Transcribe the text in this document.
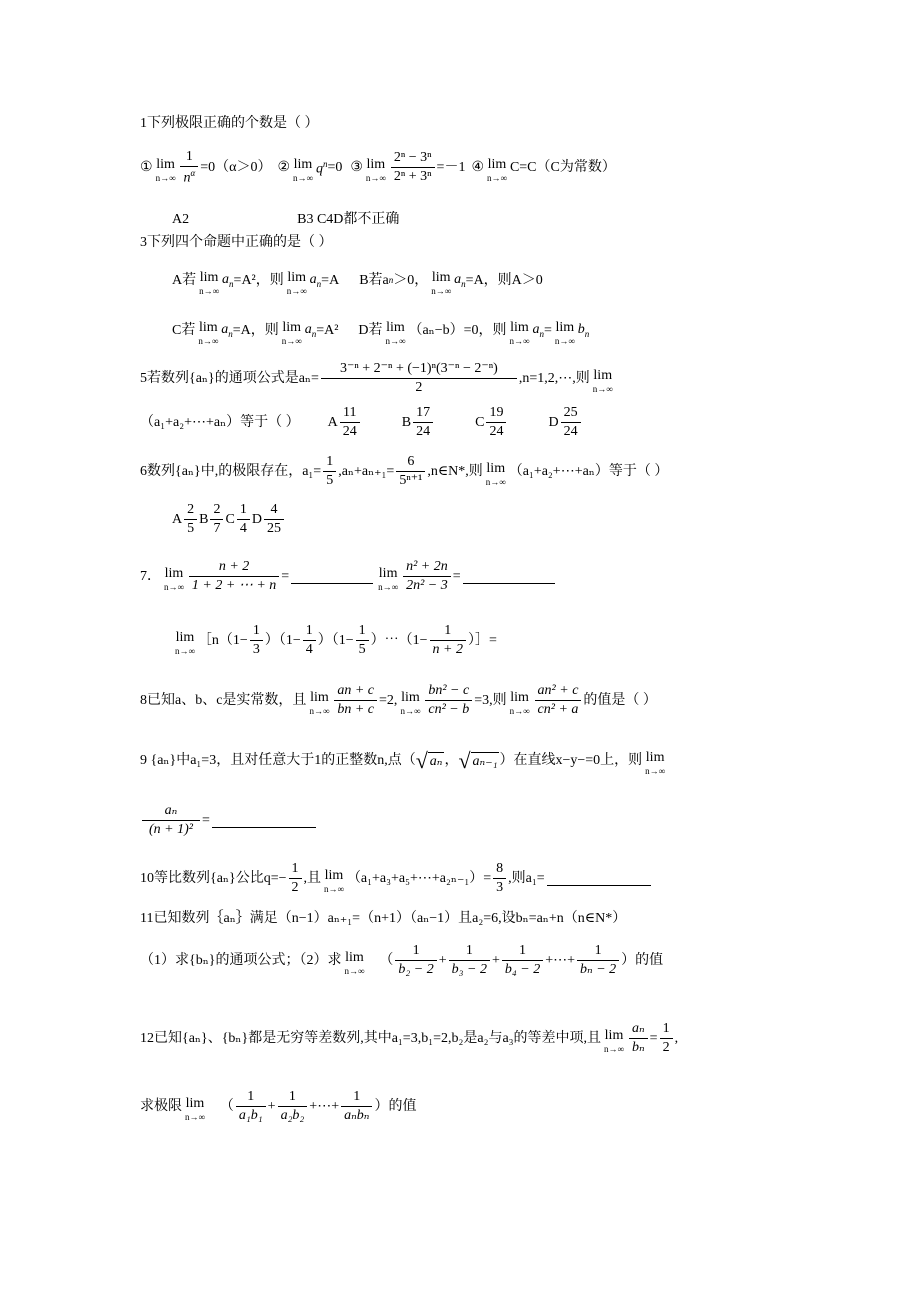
1下列极限正确的个数是（ ）
① lim
$n\to\infty \frac{1}{n^\alpha} =0(\alpha>0)$ ② lim
n→∞
$q^n =0$ ③ lim
$n\to\infty \frac{\text{2ⁿ − 3ⁿ}}{\text{2ⁿ + 3ⁿ}} =-1$ ④ lim
n→∞
C=C（C为常数）
A2	B3 C4D都不正确
3下列四个命题中正确的是（ ）
A若 lim
n→∞
$a_n =A^2$，则 lim
n→∞
$a_n =A$ B若a n ＞0， lim
n→∞
$a_n =A$，则A＞0
C若 lim
n→∞
$a_n =A$，则 lim
n→∞
$a_n =A^2$ D若 lim
n→∞
（aₙ−b）=0，则 lim
n→∞
$a_n = \lim$
n→∞
$b_n$
5若数列{aₙ}的通项公式是$a_n= \frac{\text{3⁻ⁿ + 2⁻ⁿ + (−1)ⁿ(3⁻ⁿ − 2⁻ⁿ)}}{2}$ ,n=1,2,⋯,则 lim
n→∞
（a₁+a₂+⋯+aₙ）等于（ ） A $\frac{11}{24}$	B $\frac{17}{24}$	C $\frac{19}{24}$	D $\frac{25}{24}$
6数列{aₙ}中,的极限存在，$a_1= \frac{1}{5} ,a_n+a_{n+1}= \frac{6}{\text{5ⁿ⁺¹}}$ ,n∈N*,则 lim
n→∞
（a₁+a₂+⋯+aₙ）等于（ ）
A $\frac{2}{5}$ B $\frac{2}{7}$ C $\frac{1}{4}$ D $\frac{4}{25}$
7． lim
$n\to\infty \frac{n + 2}{1 + 2 + \cdots + n}$ =	lim
$n\to\infty \frac{\text{n² + 2n}}{\text{2n² − 3}}$ =
lim
n→∞
［n（1− $\frac{1}{3} )(1- \frac{1}{4} )(1- \frac{1}{5}$ ）⋯（1− $\frac{1}{n + 2}$ ）］=
8已知a、b、c是实常数，且 lim
$n\to\infty \frac{an + c}{bn + c} =2$, lim
$n\to\infty \frac{\text{bn² − c}}{\text{cn² − b}} =3$,则 lim
$n\to\infty \frac{\text{an² + c}}{\text{cn² + a}}$ 的值是（ ）
9 {aₙ}中a₁=3，且对任意大于1的正整数n,点（ √ aₙ ， √ aₙ₋₁ ）在直线x−y−=0上，则 lim
n→∞
$\frac{\text{aₙ}}{\text{(n + 1)²}}$ =
10等比数列{aₙ}公比$q=- \frac{1}{2}$ ,且 lim
n→∞
（a₁+a₃+a₅+⋯+a₂ₙ₋₁）= $\frac{8}{3}$ ,则a₁=
11已知数列｛aₙ｝满足（n−1）aₙ₊₁=（n+1）（aₙ−1）且a₂=6,设bₙ=aₙ+n（n∈N*）
（1）求{bₙ}的通项公式；（2）求 lim
n→∞
（ $\frac{1}{\text{b₂ − 2}} + \frac{1}{\text{b₃ − 2}} + \frac{1}{\text{b₄ − 2}}$ +⋯+ $\frac{1}{\text{bₙ − 2}}$ ）的值
12已知{aₙ}、{bₙ}都是无穷等差数列,其中a₁=3,b₁=2,b₂是a₂与a₃的等差中项,且 lim
$n\to\infty \frac{\text{aₙ}}{\text{bₙ}} = \frac{1}{2}$ ,
求极限 lim
n→∞
（ $\frac{1}{\text{a₁b₁}} + \frac{1}{\text{a₂b₂}}$ +⋯+ $\frac{1}{\text{aₙbₙ}}$ ）的值
